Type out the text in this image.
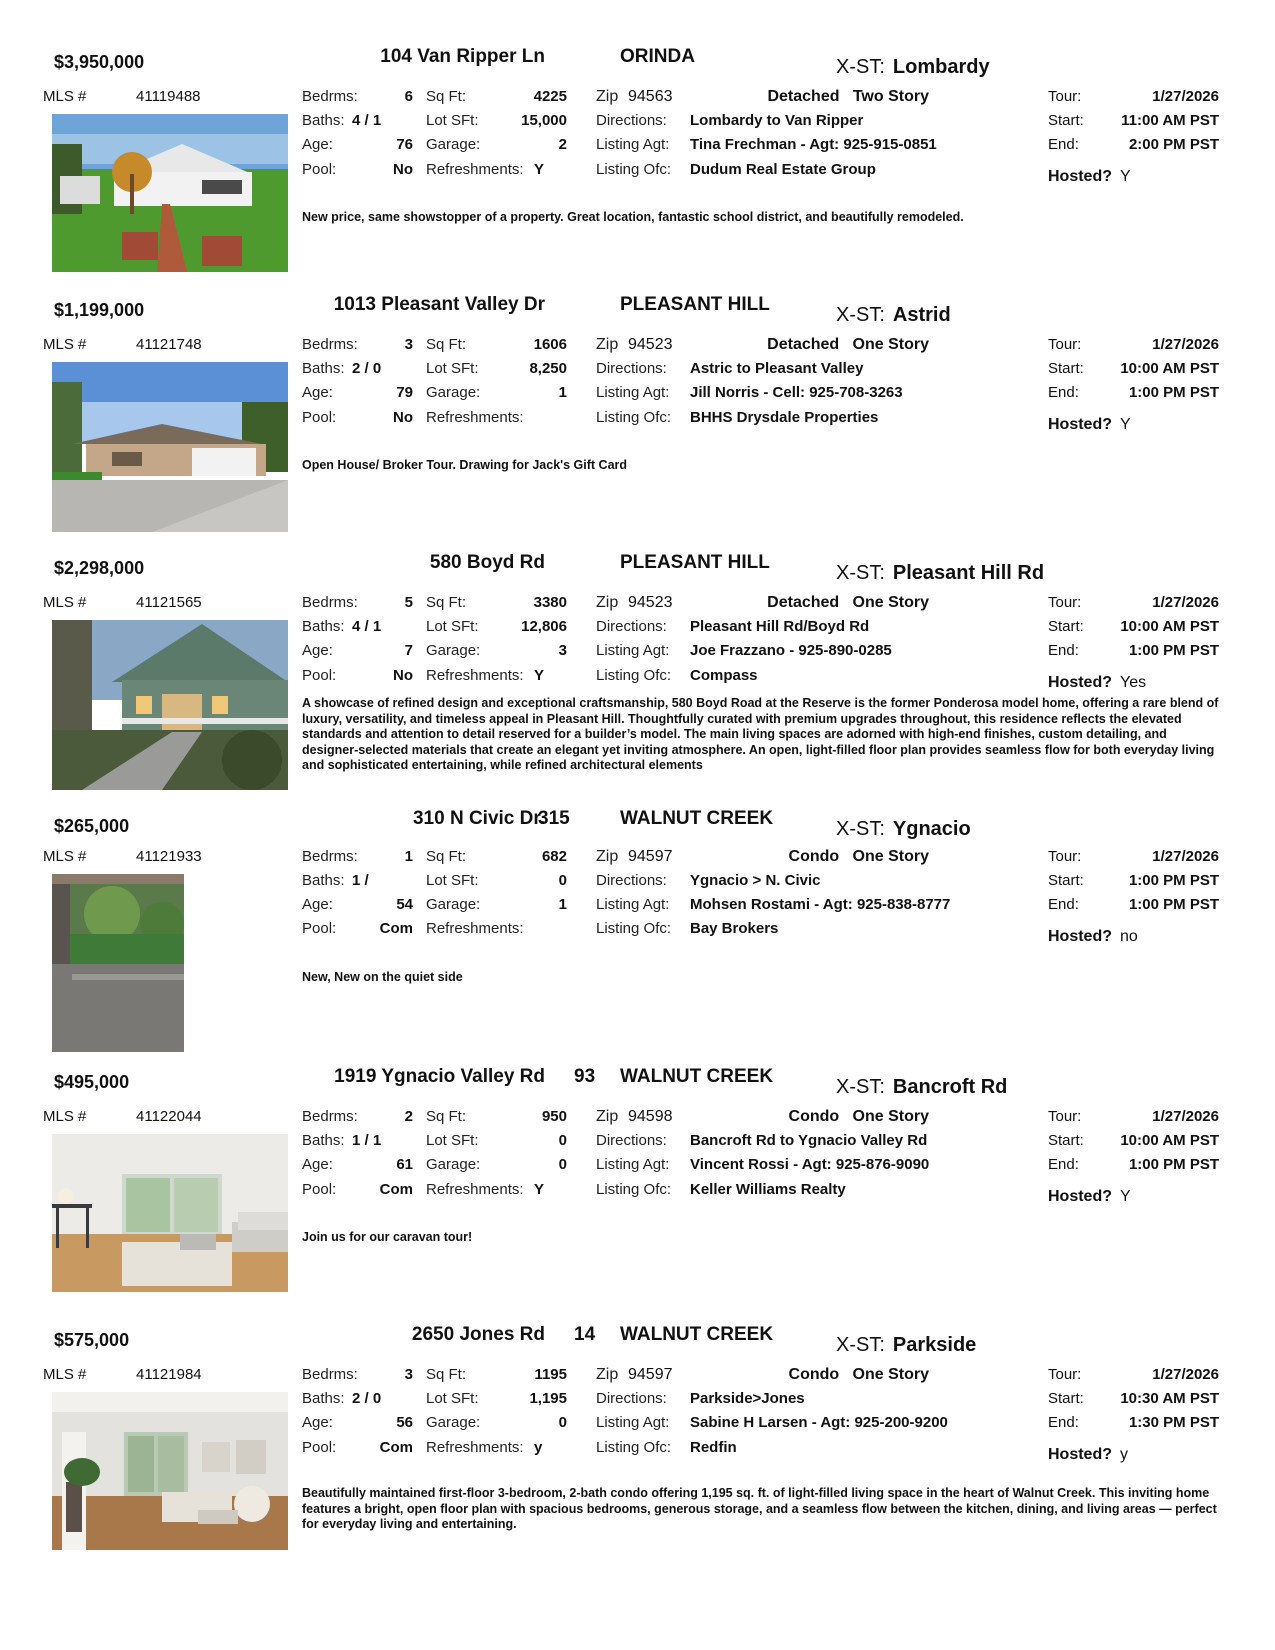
$3,950,000	104 Van Ripper Ln	ORINDA	X-ST: Lombardy
MLS #	41119488	Bedrms:	6
Baths: 4 / 1
Age:	76
Pool:	No
Sq Ft:	4225
Lot SFt:	15,000
Garage:	2
Refreshments: Y
Zip 94563	Detached Two Story
Directions: Lombardy to Van Ripper
Listing Agt: Tina Frechman - Agt: 925-915-0851
Listing Ofc: Dudum Real Estate Group
Tour:	1/27/2026
Start: 11:00 AM PST
End:	2:00 PM PST
Hosted? Y
New price, same showstopper of a property. Great location, fantastic school district, and beautifully remodeled.
$1,199,000	1013 Pleasant Valley Dr	PLEASANT HILL	X-ST: Astrid
MLS #	41121748	Bedrms:	3
Baths: 2 / 0
Age:	79
Pool:	No
Sq Ft:	1606
Lot SFt:	8,250
Garage:	1
Refreshments:
Zip 94523	Detached One Story
Directions: Astric to Pleasant Valley
Listing Agt: Jill Norris - Cell: 925-708-3263
Listing Ofc: BHHS Drysdale Properties
Tour:	1/27/2026
Start: 10:00 AM PST
End:	1:00 PM PST
Hosted? Y
Open House/ Broker Tour. Drawing for Jack's Gift Card
$2,298,000	580 Boyd Rd	PLEASANT HILL	X-ST: Pleasant Hill Rd
MLS #	41121565	Bedrms:	5
Baths: 4 / 1
Age:	7
Pool:	No
Sq Ft:	3380
Lot SFt:	12,806
Garage:	3
Refreshments: Y
Zip 94523	Detached One Story
Directions: Pleasant Hill Rd/Boyd Rd
Listing Agt: Joe Frazzano - 925-890-0285
Listing Ofc: Compass
Tour:	1/27/2026
Start: 10:00 AM PST
End:	1:00 PM PST
Hosted? Yes
A showcase of refined design and exceptional craftsmanship, 580 Boyd Road at the Reserve is the former Ponderosa model home, offering a rare blend of luxury, versatility, and timeless appeal in Pleasant Hill. Thoughtfully curated with premium upgrades throughout, this residence reflects the elevated standards and attention to detail reserved for a builder’s model. The main living spaces are adorned with high-end finishes, custom detailing, and designer-selected materials that create an elegant yet inviting atmosphere. An open, light-filled floor plan provides seamless flow for both everyday living and sophisticated entertaining, while refined architectural elements
$265,000	310 N Civic Dr.
315	WALNUT CREEK	X-ST: Ygnacio
MLS #	41121933	Bedrms:	1
Baths: 1 /
Age:	54
Pool:	Com
Sq Ft:	682
Lot SFt:	0
Garage:	1
Refreshments:
Zip 94597	Condo One Story
Directions: Ygnacio > N. Civic
Listing Agt: Mohsen Rostami - Agt: 925-838-8777
Listing Ofc: Bay Brokers
Tour:	1/27/2026
Start:	1:00 PM PST
End:	1:00 PM PST
Hosted? no
New, New on the quiet side
$495,000	1919 Ygnacio Valley Rd 93 WALNUT CREEK	X-ST: Bancroft Rd
MLS #	41122044	Bedrms:	2
Baths: 1 / 1
Age:	61
Pool:	Com
Sq Ft:	950
Lot SFt:	0
Garage:	0
Refreshments: Y
Zip 94598	Condo One Story
Directions: Bancroft Rd to Ygnacio Valley Rd
Listing Agt: Vincent Rossi - Agt: 925-876-9090
Listing Ofc: Keller Williams Realty
Tour:	1/27/2026
Start: 10:00 AM PST
End:	1:00 PM PST
Hosted? Y
Join us for our caravan tour!
$575,000	2650 Jones Rd 14 WALNUT CREEK	X-ST: Parkside
MLS #	41121984	Bedrms:	3
Baths: 2 / 0
Age:	56
Pool:	Com
Sq Ft:	1195
Lot SFt:	1,195
Garage:	0
Refreshments: y
Zip 94597	Condo One Story
Directions: Parkside>Jones
Listing Agt: Sabine H Larsen - Agt: 925-200-9200
Listing Ofc: Redfin
Tour:	1/27/2026
Start: 10:30 AM PST
End:	1:30 PM PST
Hosted? y
Beautifully maintained first-floor 3-bedroom, 2-bath condo offering 1,195 sq. ft. of light-filled living space in the heart of Walnut Creek. This inviting home features a bright, open floor plan with spacious bedrooms, generous storage, and a seamless flow between the kitchen, dining, and living areas — perfect for everyday living and entertaining.
